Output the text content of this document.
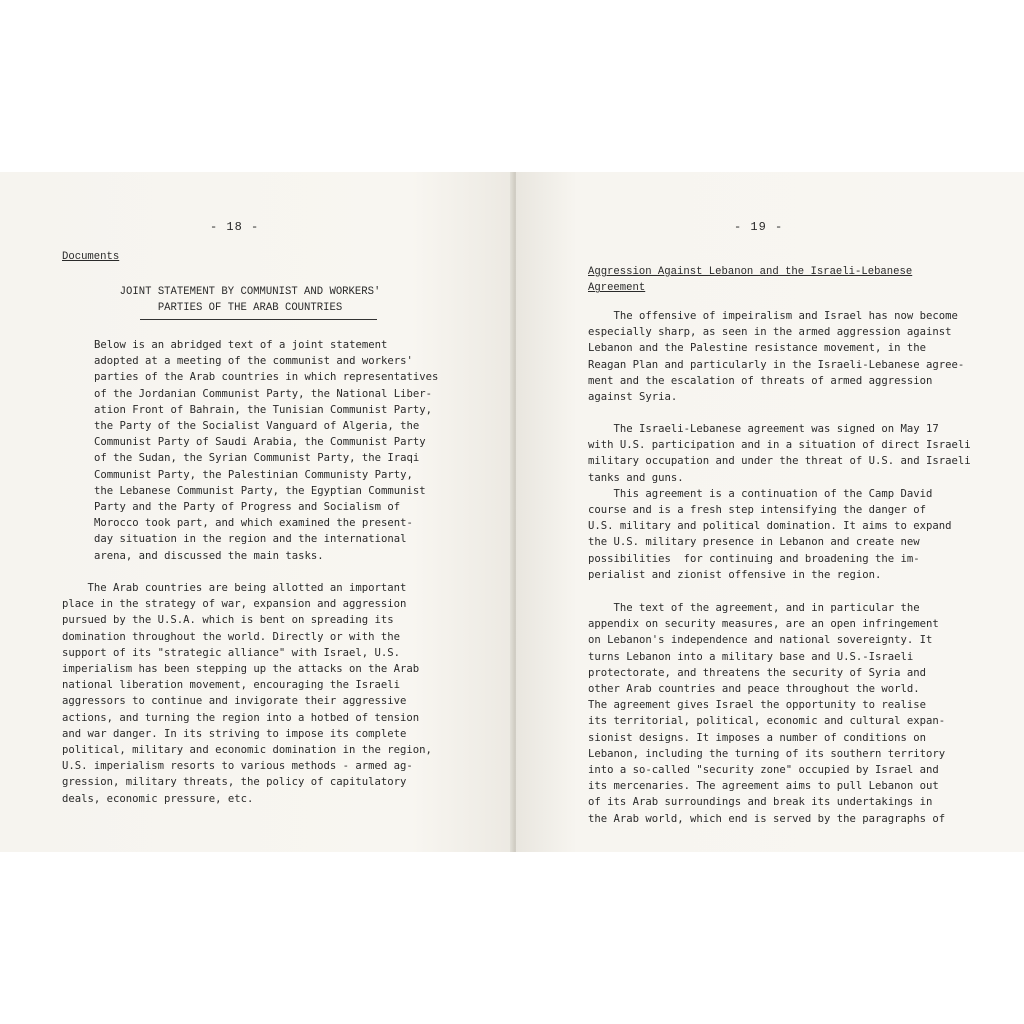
- 18 -
Documents
JOINT STATEMENT BY COMMUNIST AND WORKERS'
PARTIES OF THE ARAB COUNTRIES
Below is an abridged text of a joint statement
adopted at a meeting of the communist and workers'
parties of the Arab countries in which representatives
of the Jordanian Communist Party, the National Liber-
ation Front of Bahrain, the Tunisian Communist Party,
the Party of the Socialist Vanguard of Algeria, the
Communist Party of Saudi Arabia, the Communist Party
of the Sudan, the Syrian Communist Party, the Iraqi
Communist Party, the Palestinian Communisty Party,
the Lebanese Communist Party, the Egyptian Communist
Party and the Party of Progress and Socialism of
Morocco took part, and which examined the present-
day situation in the region and the international
arena, and discussed the main tasks.
The Arab countries are being allotted an important
place in the strategy of war, expansion and aggression
pursued by the U.S.A. which is bent on spreading its
domination throughout the world. Directly or with the
support of its "strategic alliance" with Israel, U.S.
imperialism has been stepping up the attacks on the Arab
national liberation movement, encouraging the Israeli
aggressors to continue and invigorate their aggressive
actions, and turning the region into a hotbed of tension
and war danger. In its striving to impose its complete
political, military and economic domination in the region,
U.S. imperialism resorts to various methods - armed ag-
gression, military threats, the policy of capitulatory
deals, economic pressure, etc.
- 19 -
Aggression Against Lebanon and the Israeli-Lebanese
Agreement
The offensive of impeiralism and Israel has now become
especially sharp, as seen in the armed aggression against
Lebanon and the Palestine resistance movement, in the
Reagan Plan and particularly in the Israeli-Lebanese agree-
ment and the escalation of threats of armed aggression
against Syria.
The Israeli-Lebanese agreement was signed on May 17
with U.S. participation and in a situation of direct Israeli
military occupation and under the threat of U.S. and Israeli
tanks and guns.
This agreement is a continuation of the Camp David
course and is a fresh step intensifying the danger of
U.S. military and political domination. It aims to expand
the U.S. military presence in Lebanon and create new
possibilities  for continuing and broadening the im-
perialist and zionist offensive in the region.
The text of the agreement, and in particular the
appendix on security measures, are an open infringement
on Lebanon's independence and national sovereignty. It
turns Lebanon into a military base and U.S.-Israeli
protectorate, and threatens the security of Syria and
other Arab countries and peace throughout the world.
The agreement gives Israel the opportunity to realise
its territorial, political, economic and cultural expan-
sionist designs. It imposes a number of conditions on
Lebanon, including the turning of its southern territory
into a so-called "security zone" occupied by Israel and
its mercenaries. The agreement aims to pull Lebanon out
of its Arab surroundings and break its undertakings in
the Arab world, which end is served by the paragraphs of
